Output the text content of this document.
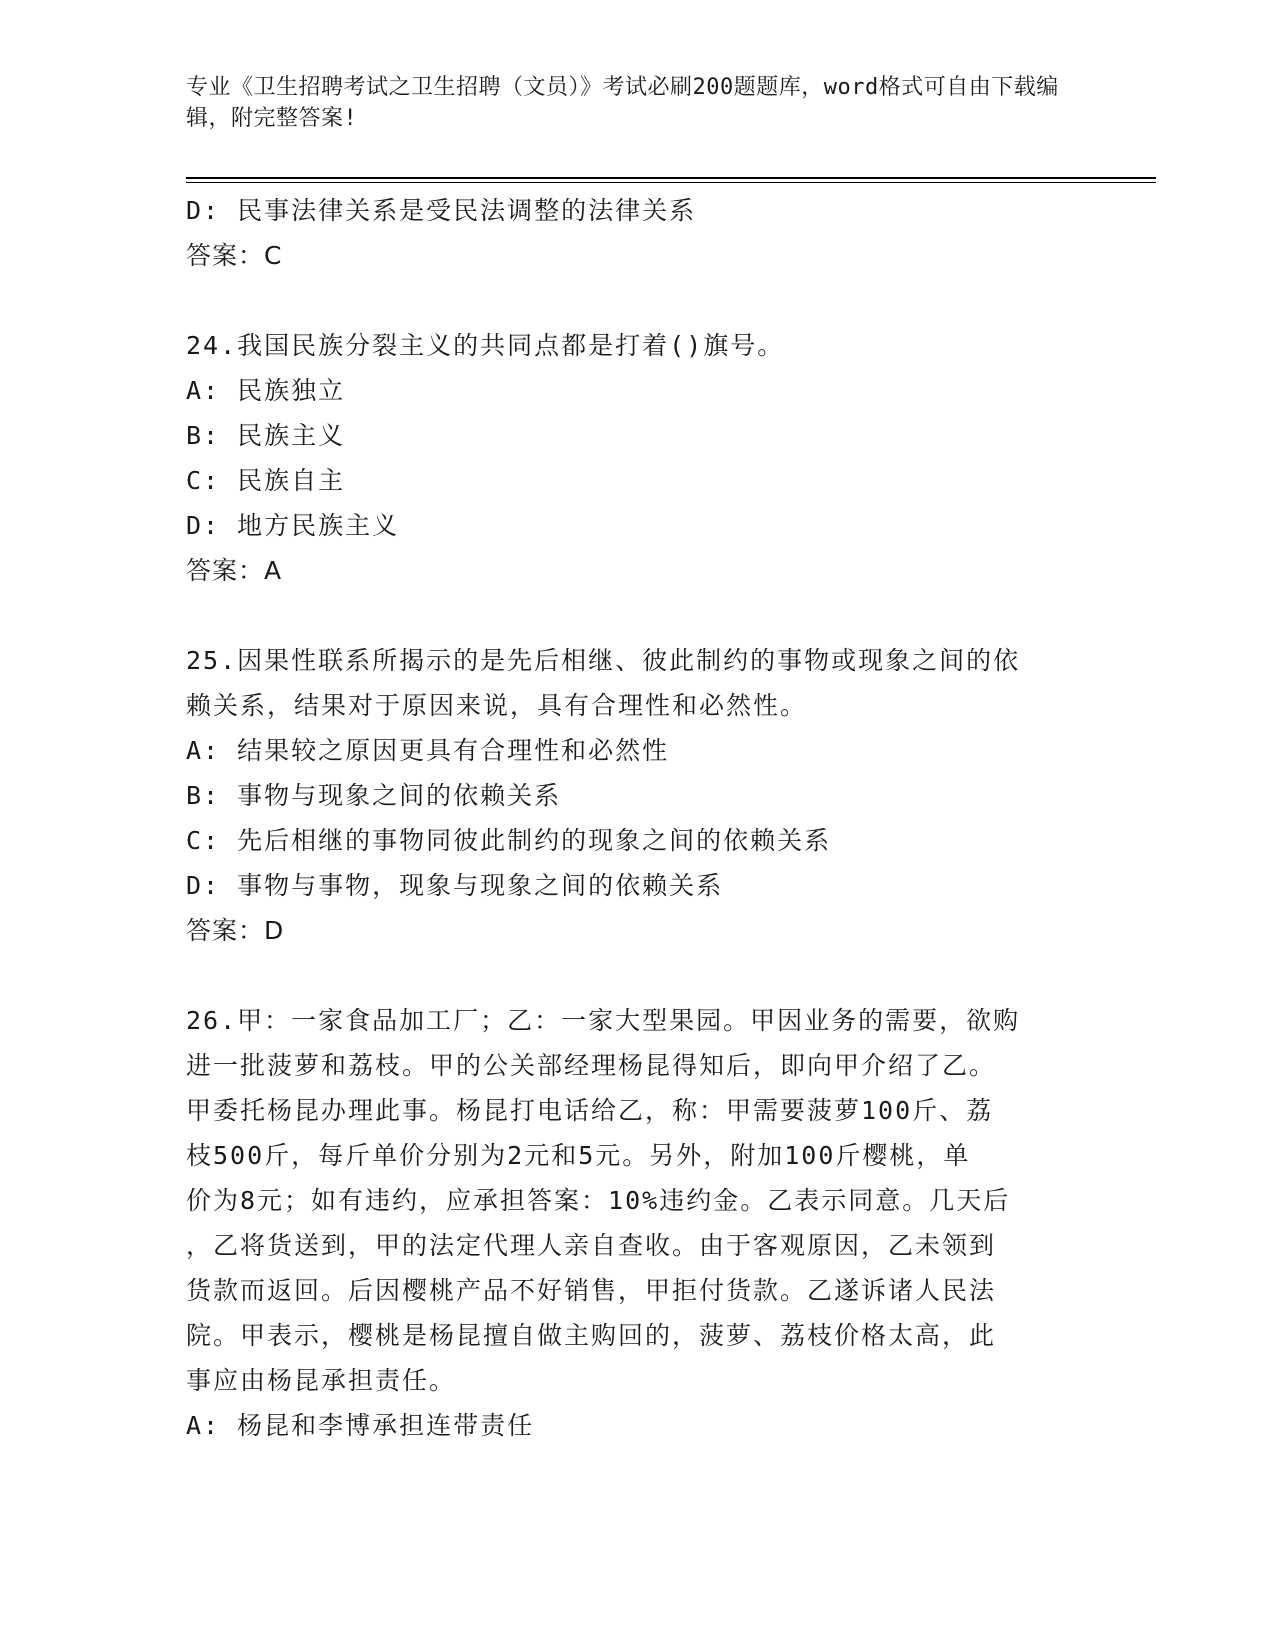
专业《卫生招聘考试之卫生招聘（文员）》考试必刷200题题库，word格式可自由下载编辑，附完整答案!
D: 民事法律关系是受民法调整的法律关系
答案：C
24.我国民族分裂主义的共同点都是打着()旗号。
A: 民族独立
B: 民族主义
C: 民族自主
D: 地方民族主义
答案：A
25.因果性联系所揭示的是先后相继、彼此制约的事物或现象之间的依
赖关系，结果对于原因来说，具有合理性和必然性。
A: 结果较之原因更具有合理性和必然性
B: 事物与现象之间的依赖关系
C: 先后相继的事物同彼此制约的现象之间的依赖关系
D: 事物与事物，现象与现象之间的依赖关系
答案：D
26.甲：一家食品加工厂；乙：一家大型果园。甲因业务的需要，欲购
进一批菠萝和荔枝。甲的公关部经理杨昆得知后，即向甲介绍了乙。
甲委托杨昆办理此事。杨昆打电话给乙，称：甲需要菠萝100斤、荔
枝500斤，每斤单价分别为2元和5元。另外，附加100斤樱桃，单
价为8元；如有违约，应承担答案：10%违约金。乙表示同意。几天后
，乙将货送到，甲的法定代理人亲自查收。由于客观原因，乙未领到
货款而返回。后因樱桃产品不好销售，甲拒付货款。乙遂诉诸人民法
院。甲表示，樱桃是杨昆擅自做主购回的，菠萝、荔枝价格太高，此
事应由杨昆承担责任。
A: 杨昆和李博承担连带责任
